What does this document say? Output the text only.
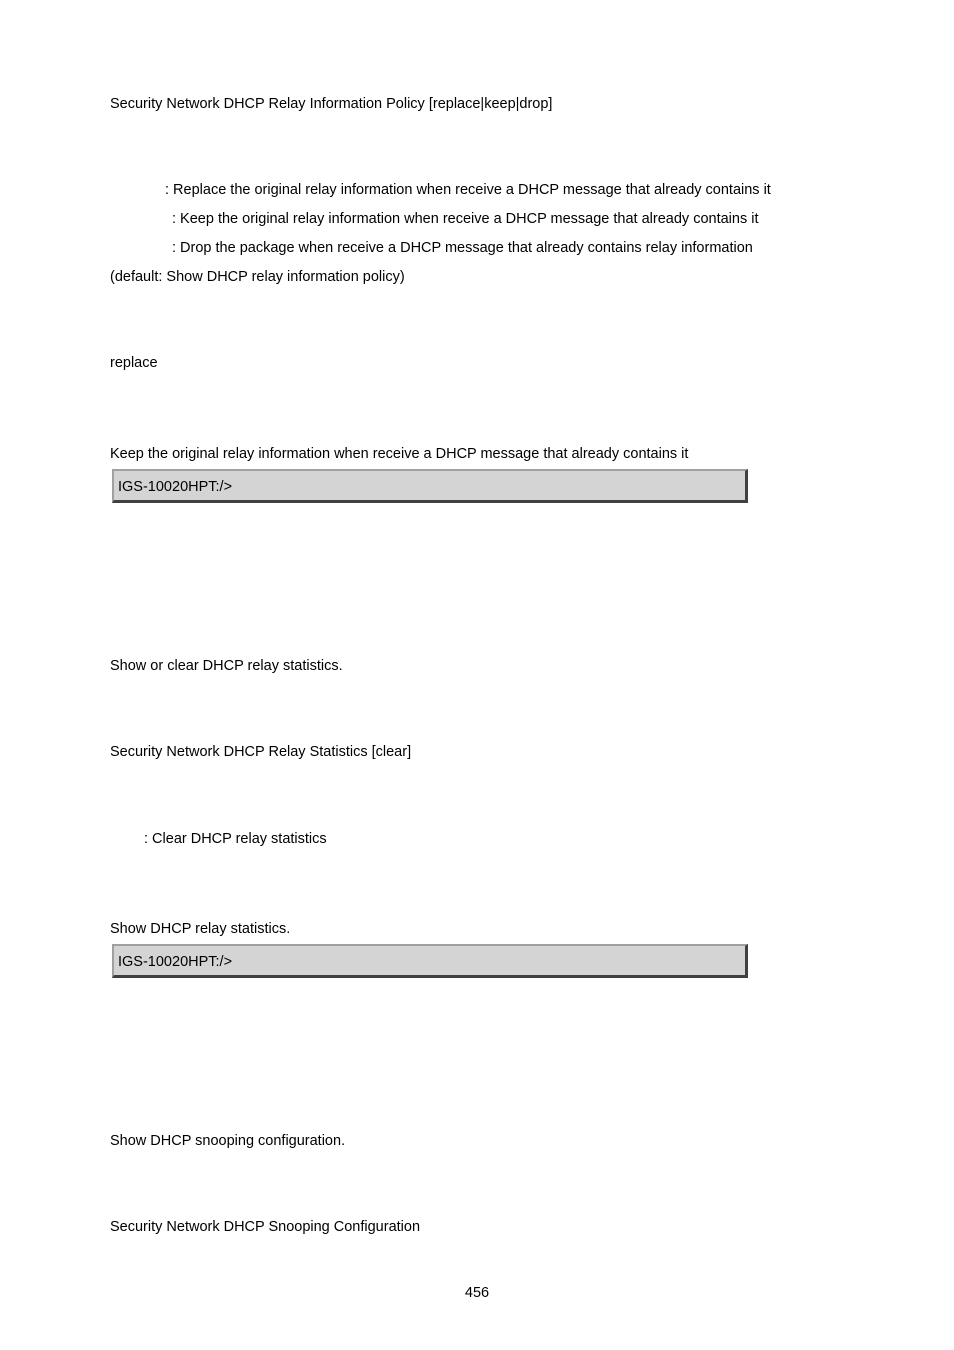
Security Network DHCP Relay Information Policy [replace|keep|drop]
: Replace the original relay information when receive a DHCP message that already contains it
: Keep the original relay information when receive a DHCP message that already contains it
: Drop the package when receive a DHCP message that already contains relay information
(default: Show DHCP relay information policy)
replace
Keep the original relay information when receive a DHCP message that already contains it
IGS-10020HPT:/>
Show or clear DHCP relay statistics.
Security Network DHCP Relay Statistics [clear]
: Clear DHCP relay statistics
Show DHCP relay statistics.
IGS-10020HPT:/>
Show DHCP snooping configuration.
Security Network DHCP Snooping Configuration
456
